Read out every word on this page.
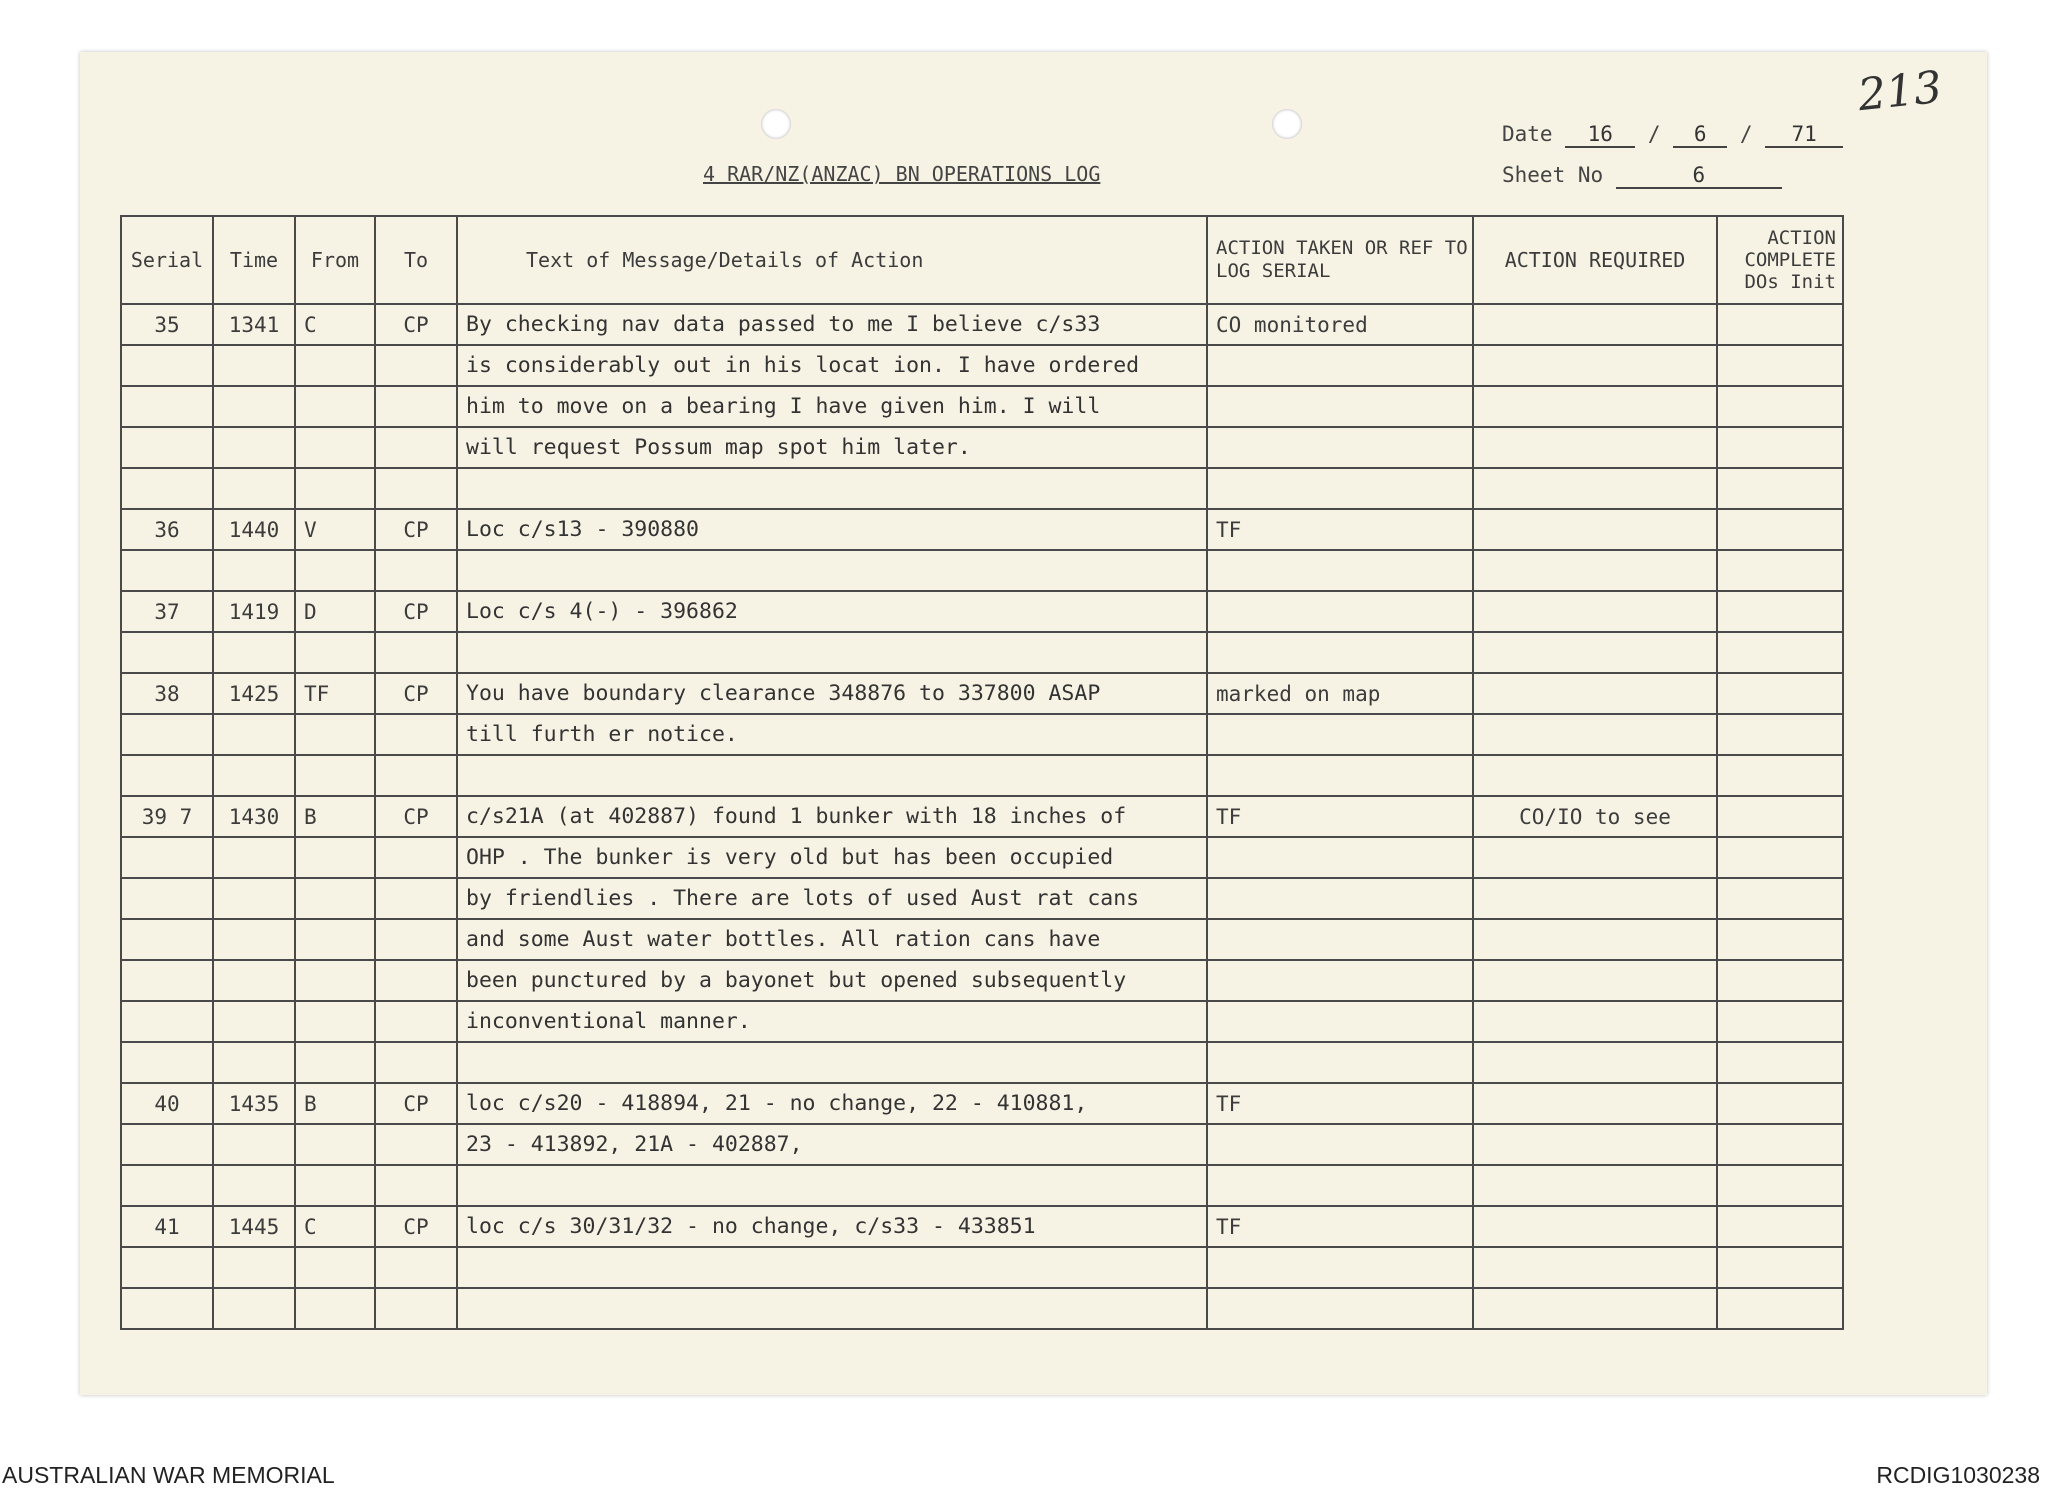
213
4 RAR/NZ(ANZAC) BN OPERATIONS LOG
Date 16 / 6 / 71
Sheet No	6
Serial	Time	From	To	Text of Message/Details of Action	ACTION TAKEN OR REF TO LOG SERIAL	ACTION REQUIRED	ACTION COMPLETE DOs Init
35	1341	C	CP	By checking nav data passed to me I believe c/s33	CO monitored		
				is considerably out in his locat ion. I have ordered			
				him to move on a bearing I have given him. I will			
				will request Possum map spot him later.			

36	1440	V	CP	Loc c/s13 - 390880	TF		

37	1419	D	CP	Loc c/s 4(-) - 396862			

38	1425	TF	CP	You have boundary clearance 348876 to 337800 ASAP	marked on map		
				till furth er notice.			

39 7	1430	B	CP	c/s21A (at 402887) found 1 bunker with 18 inches of	TF	CO/IO to see	
				OHP . The bunker is very old but has been occupied			
				by friendlies . There are lots of used Aust rat cans			
				and some Aust water bottles. All ration cans have			
				been punctured by a bayonet but opened subsequently			
				inconventional manner.			

40	1435	B	CP	loc c/s20 - 418894, 21 - no change, 22 - 410881,	TF		
				23 - 413892, 21A - 402887,			

41	1445	C	CP	loc c/s 30/31/32 - no change, c/s33 - 433851	TF		

AUSTRALIAN WAR MEMORIAL	RCDIG1030238
